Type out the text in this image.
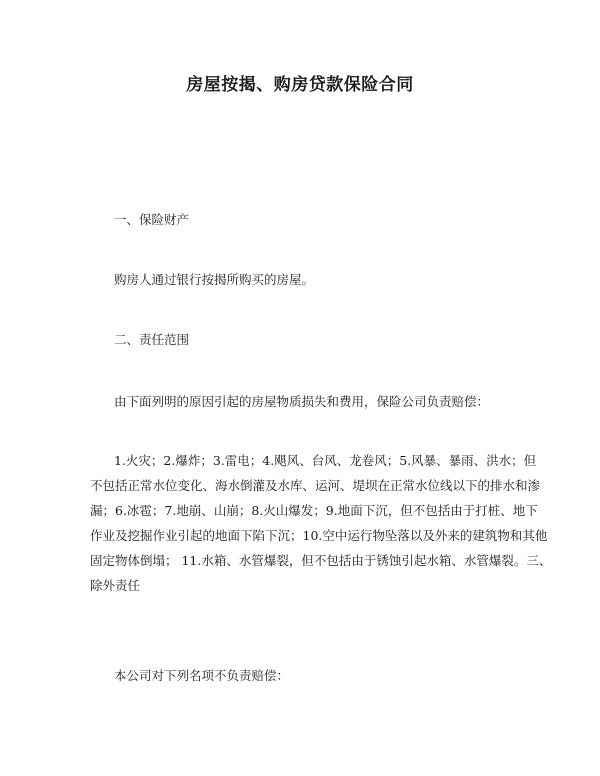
房屋按揭、购房贷款保险合同
一、保险财产
购房人通过银行按揭所购买的房屋。
二、责任范围
由下面列明的原因引起的房屋物质损失和费用，保险公司负责赔偿：
1.火灾；2.爆炸；3.雷电；4.飓风、台风、龙卷风；5.风暴、暴雨、洪水；但
不包括正常水位变化、海水倒灌及水库、运河、堤坝在正常水位线以下的排水和渗
漏；6.冰雹；7.地崩、山崩；8.火山爆发；9.地面下沉，但不包括由于打桩、地下
作业及挖掘作业引起的地面下陷下沉；10.空中运行物坠落以及外来的建筑物和其他
固定物体倒塌； 11.水箱、水管爆裂，但不包括由于锈蚀引起水箱、水管爆裂。三、
除外责任
本公司对下列名项不负责赔偿：
